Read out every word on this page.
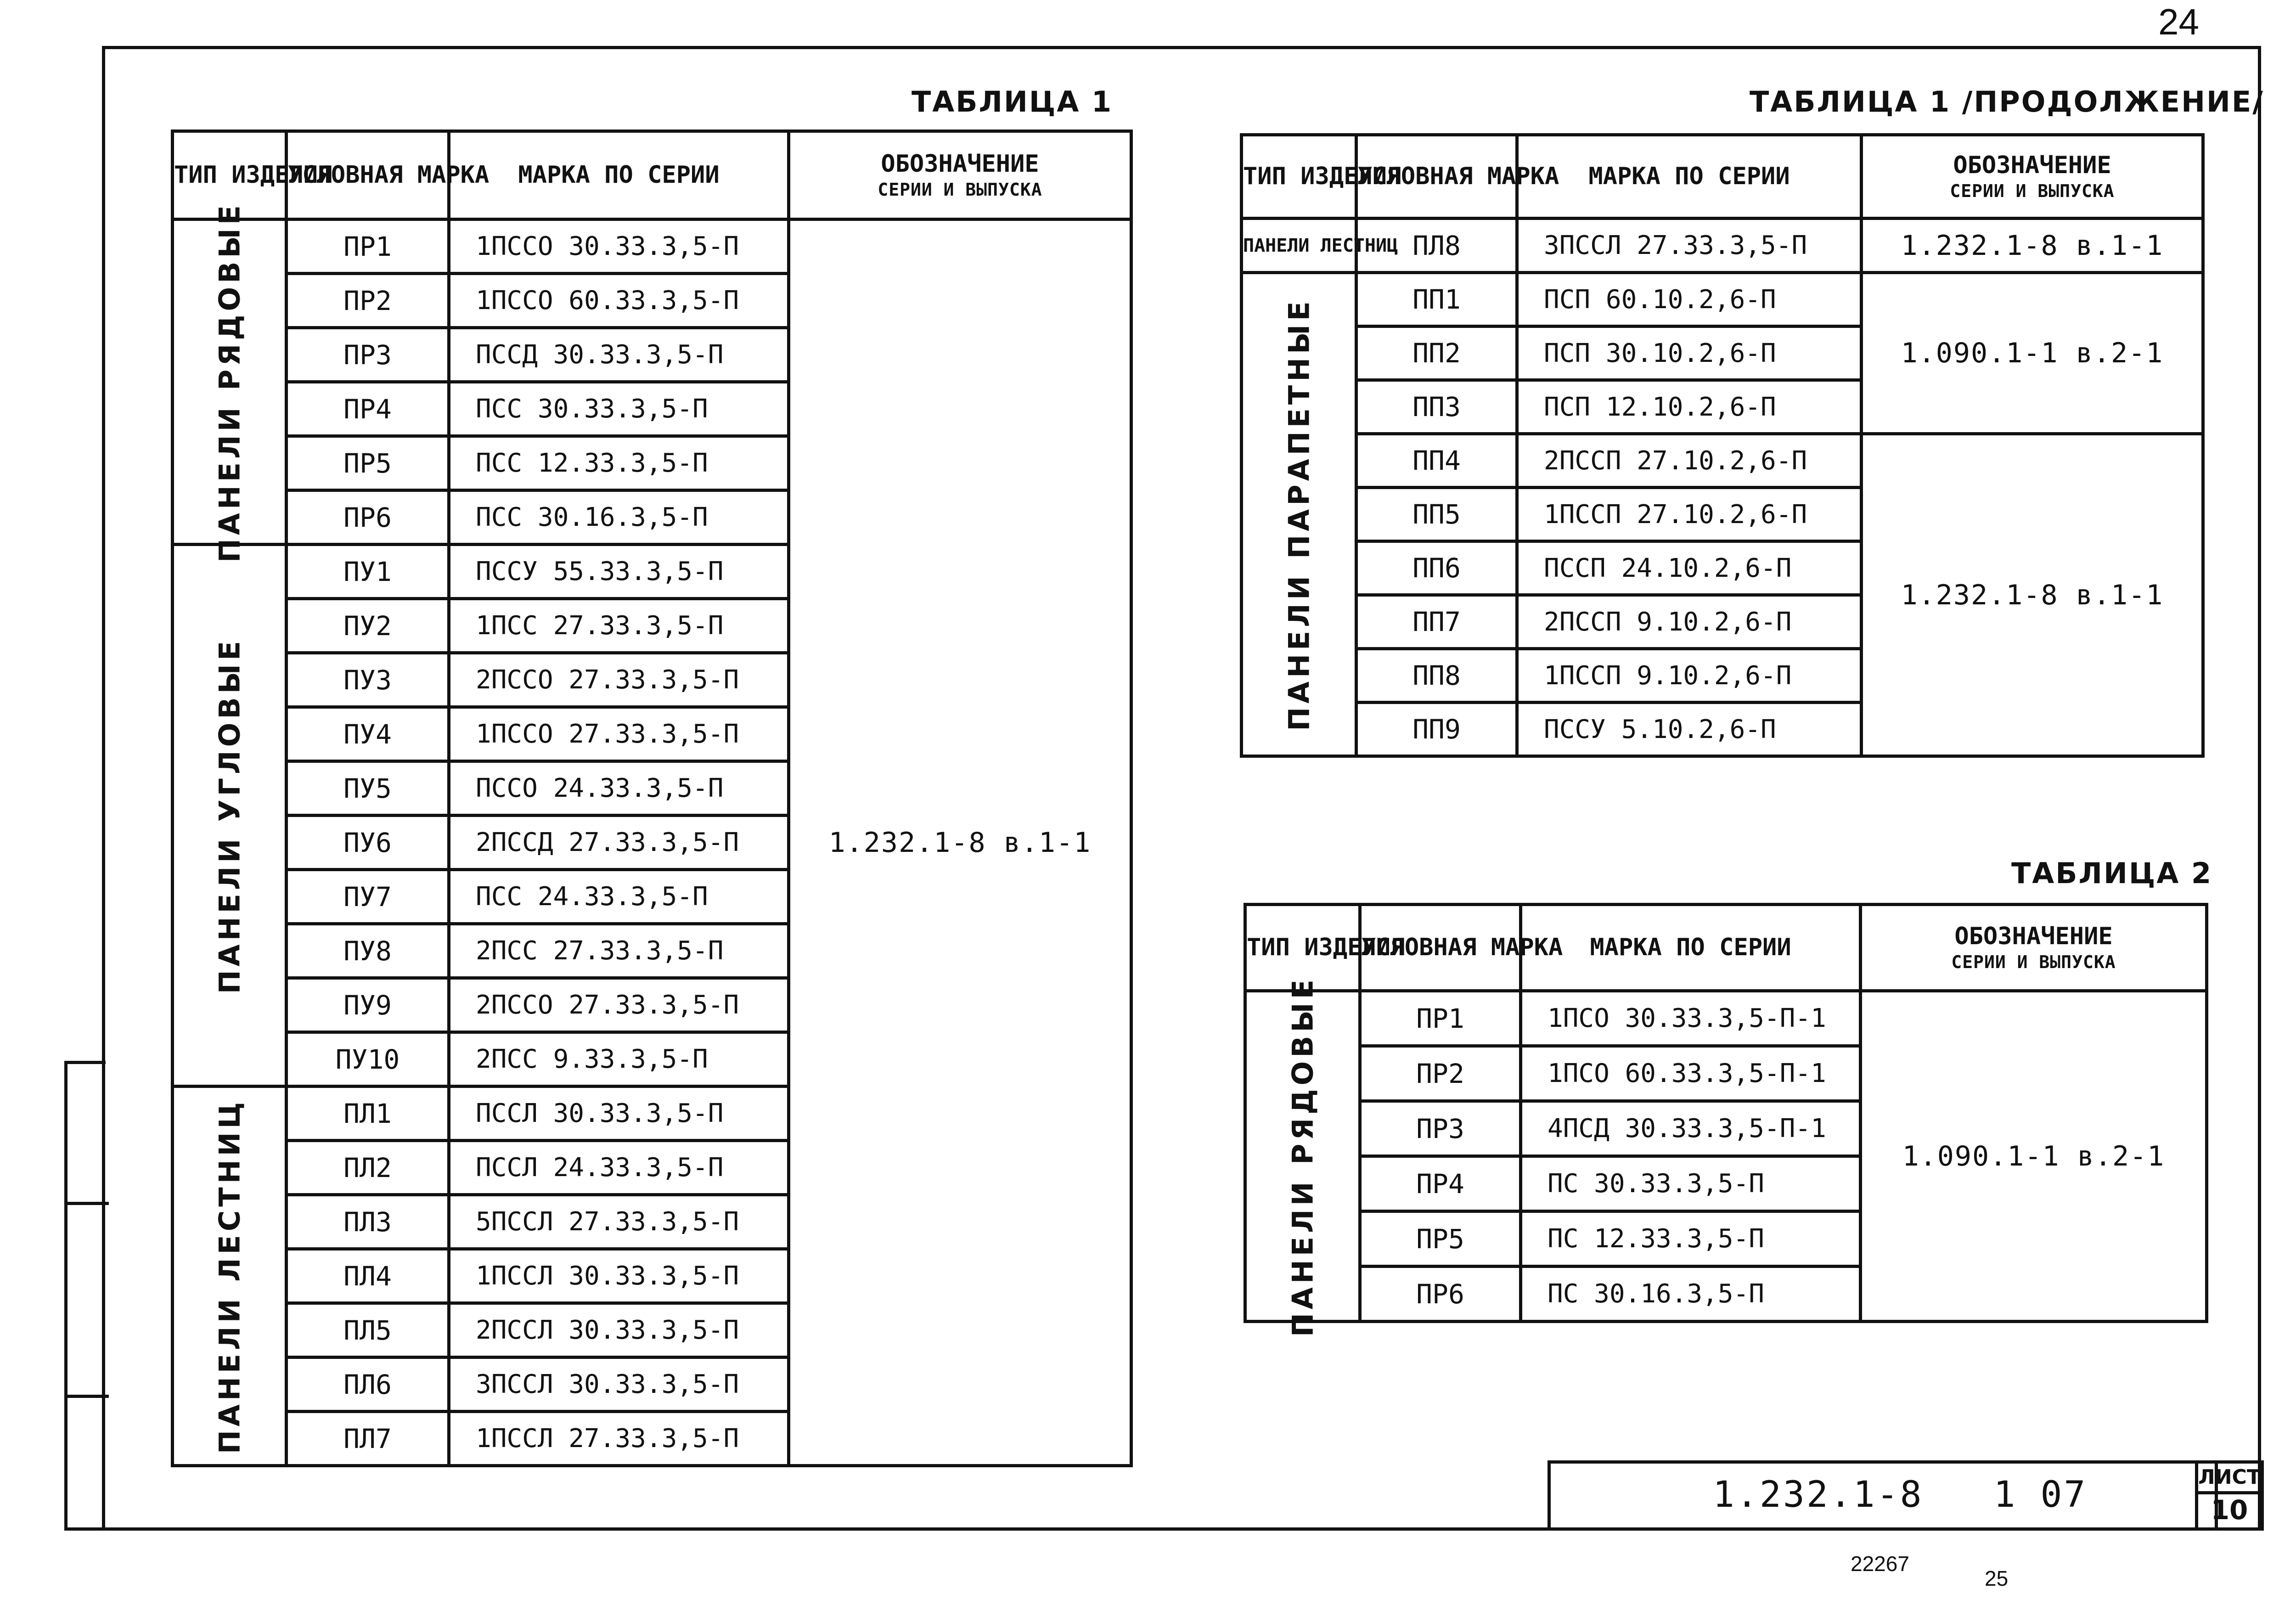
24
ТАБЛИЦА 1
ТИП ИЗДЕЛИЯ	УСЛОВНАЯ МАРКА	МАРКА ПО СЕРИИ	ОБОЗНАЧЕНИЕ
СЕРИИ И ВЫПУСКА

ПАНЕЛИ РЯДОВЫЕ	ПР1	1ПССО 30.33.3,5-П	1.232.1-8 в.1-1
	ПР2	1ПССО 60.33.3,5-П	
	ПР3	ПССД 30.33.3,5-П	
	ПР4	ПСС 30.33.3,5-П	
	ПР5	ПСС 12.33.3,5-П	
	ПР6	ПСС 30.16.3,5-П	

ПАНЕЛИ УГЛОВЫЕ	ПУ1	ПССУ 55.33.3,5-П	
	ПУ2	1ПСС 27.33.3,5-П	
	ПУ3	2ПССО 27.33.3,5-П	
	ПУ4	1ПССО 27.33.3,5-П	
	ПУ5	ПССО 24.33.3,5-П	
	ПУ6	2ПССД 27.33.3,5-П	
	ПУ7	ПСС 24.33.3,5-П	
	ПУ8	2ПСС 27.33.3,5-П	
	ПУ9	2ПССО 27.33.3,5-П	
	ПУ10	2ПСС 9.33.3,5-П	

ПАНЕЛИ ЛЕСТНИЦ	ПЛ1	ПССЛ 30.33.3,5-П	
	ПЛ2	ПССЛ 24.33.3,5-П	
	ПЛ3	5ПССЛ 27.33.3,5-П	
	ПЛ4	1ПССЛ 30.33.3,5-П	
	ПЛ5	2ПССЛ 30.33.3,5-П	
	ПЛ6	3ПССЛ 30.33.3,5-П	
	ПЛ7	1ПССЛ 27.33.3,5-П	
ТАБЛИЦА 1 /ПРОДОЛЖЕНИЕ/
ТИП ИЗДЕЛИЯ	УСЛОВНАЯ МАРКА	МАРКА ПО СЕРИИ	ОБОЗНАЧЕНИЕ
СЕРИИ И ВЫПУСКА

ПАНЕЛИ ЛЕСТНИЦ	ПЛ8	3ПССЛ 27.33.3,5-П	1.232.1-8 в.1-1

ПАНЕЛИ ПАРАПЕТНЫЕ	ПП1	ПСП 60.10.2,6-П	1.090.1-1 в.2-1
	ПП2	ПСП 30.10.2,6-П	
	ПП3	ПСП 12.10.2,6-П	
	ПП4	2ПССП 27.10.2,6-П	1.232.1-8 в.1-1
	ПП5	1ПССП 27.10.2,6-П	
	ПП6	ПССП 24.10.2,6-П	
	ПП7	2ПССП 9.10.2,6-П	
	ПП8	1ПССП 9.10.2,6-П	
	ПП9	ПССУ 5.10.2,6-П	
ТАБЛИЦА 2
ТИП ИЗДЕЛИЯ	УСЛОВНАЯ МАРКА	МАРКА ПО СЕРИИ	ОБОЗНАЧЕНИЕ
СЕРИИ И ВЫПУСКА

ПАНЕЛИ РЯДОВЫЕ	ПР1	1ПСО 30.33.3,5-П-1	1.090.1-1 в.2-1
	ПР2	1ПСО 60.33.3,5-П-1	
	ПР3	4ПСД 30.33.3,5-П-1	
	ПР4	ПС 30.33.3,5-П	
	ПР5	ПС 12.33.3,5-П	
	ПР6	ПС 30.16.3,5-П	
1.232.1-8 1 07	ЛИСТ
10
22267
25
